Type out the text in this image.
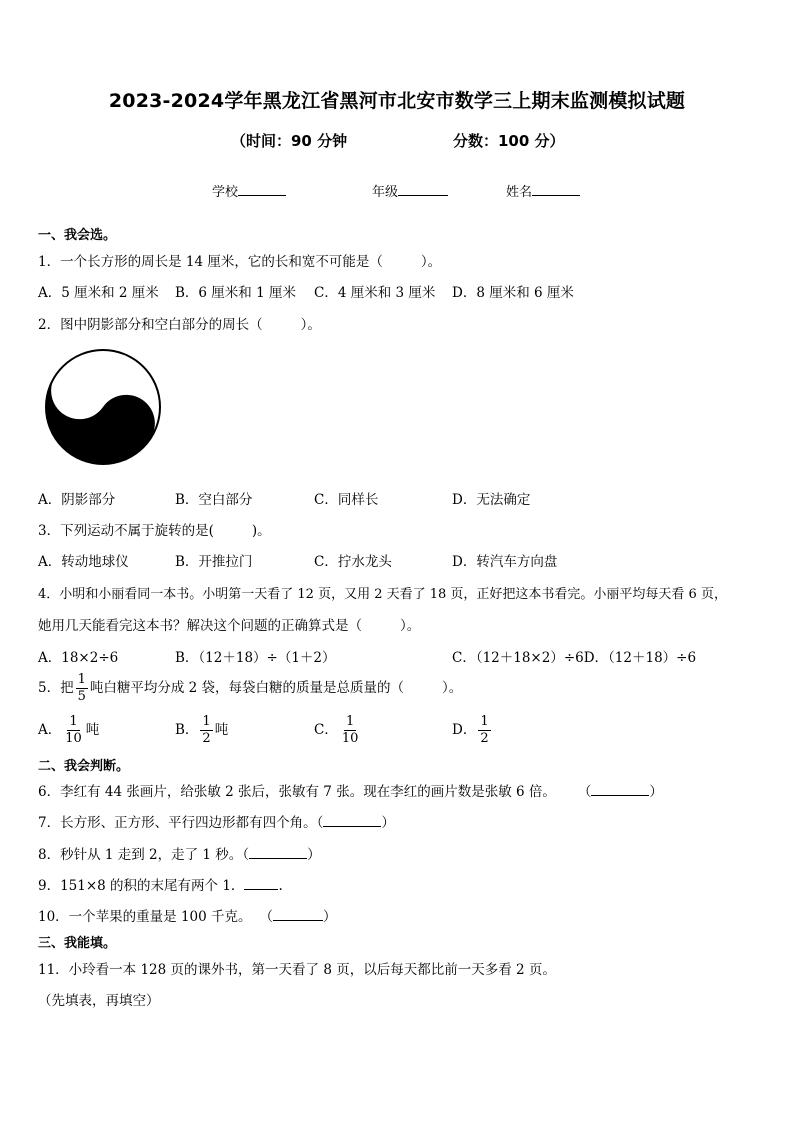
2023-2024学年黑龙江省黑河市北安市数学三上期末监测模拟试题
（时间：90 分钟	分数：100 分）
学校	年级	姓名
一、我会选。
1．一个长方形的周长是 14 厘米，它的长和宽不可能是（	）。
A．5 厘米和 2 厘米 B．6 厘米和 1 厘米 C．4 厘米和 3 厘米 D．8 厘米和 6 厘米
2．图中阴影部分和空白部分的周长（	）。
A．阴影部分	B．空白部分	C．同样长	D．无法确定
3．下列运动不属于旋转的是(	)。
A．转动地球仪	B．开推拉门	C．拧水龙头	D．转汽车方向盘
4．小明和小丽看同一本书。小明第一天看了 12 页，又用 2 天看了 18 页，正好把这本书看完。小丽平均每天看 6 页，
她用几天能看完这本书？解决这个问题的正确算式是（	）。
A．18×2÷6	B．（12＋18）÷（1＋2）	C．（12＋18×2）÷6D．（12＋18）÷6
5．把 $\frac{1}{5}$ 吨白糖平均分成 2 袋，每袋白糖的质量是总质量的（	）。
A． $\frac{1}{10}$ 吨	B． $\frac{1}{2}$ 吨	C． $\frac{1}{10}$	D． $\frac{1}{2}$
二、我会判断。
6．李红有 44 张画片，给张敏 2 张后，张敏有 7 张。现在李红的画片数是张敏 6 倍。 （	）
7．长方形、正方形、平行四边形都有四个角。（	）
8．秒针从 1 走到 2，走了 1 秒。（	）
9．151×8 的积的末尾有两个 1．	.
10．一个苹果的重量是 100 千克。 （	）
三、我能填。
11．小玲看一本 128 页的课外书，第一天看了 8 页，以后每天都比前一天多看 2 页。
（先填表，再填空）
